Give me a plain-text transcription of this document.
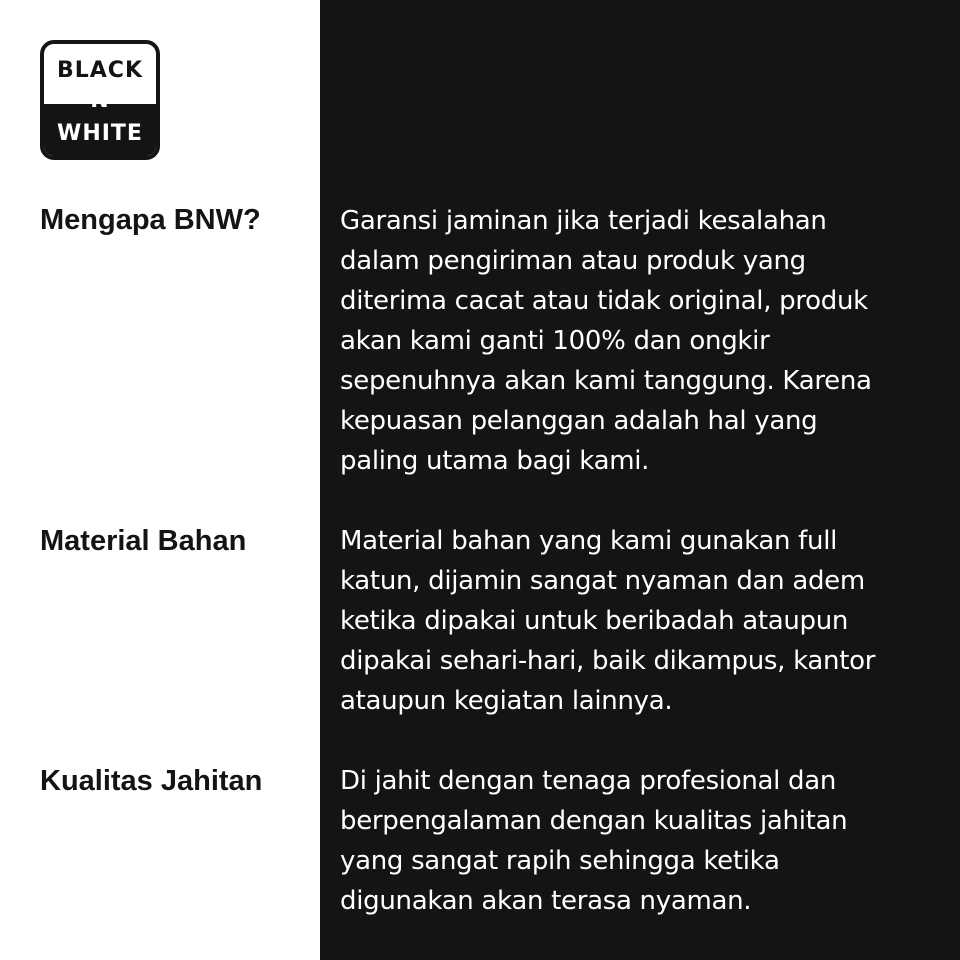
BLACK
N
WHITE
Mengapa BNW?	Garansi jaminan jika terjadi kesalahan
dalam pengiriman atau produk yang
diterima cacat atau tidak original, produk
akan kami ganti 100% dan ongkir
sepenuhnya akan kami tanggung. Karena
kepuasan pelanggan adalah hal yang
paling utama bagi kami.

Material Bahan	Material bahan yang kami gunakan full
katun, dijamin sangat nyaman dan adem
ketika dipakai untuk beribadah ataupun
dipakai sehari-hari, baik dikampus, kantor
ataupun kegiatan lainnya.

Kualitas Jahitan	Di jahit dengan tenaga profesional dan
berpengalaman dengan kualitas jahitan
yang sangat rapih sehingga ketika
digunakan akan terasa nyaman.
